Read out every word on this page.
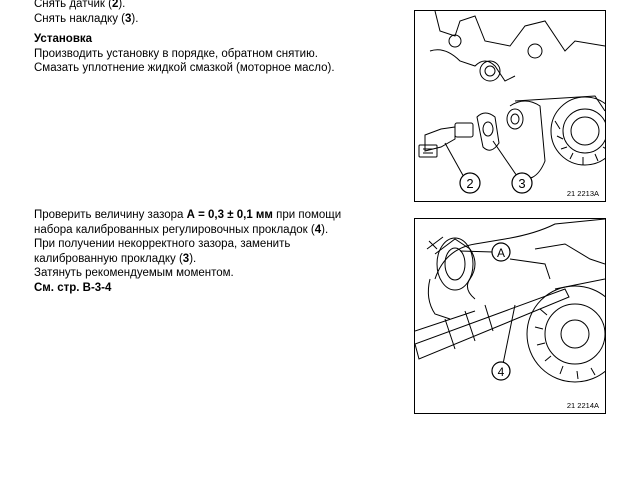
Снять датчик (2).
Снять накладку (3).
Установка
Производить установку в порядке, обратном снятию.
Смазать уплотнение жидкой смазкой (моторное масло).
Проверить величину зазора А = 0,3 ± 0,1 мм при помощи
набора калиброванных регулировочных прокладок (4).
При получении некорректного зазора, заменить
калиброванную прокладку (3).
Затянуть рекомендуемым моментом.
См. стр. В-3-4
2	3
21 2213A
A
4
21 2214A
